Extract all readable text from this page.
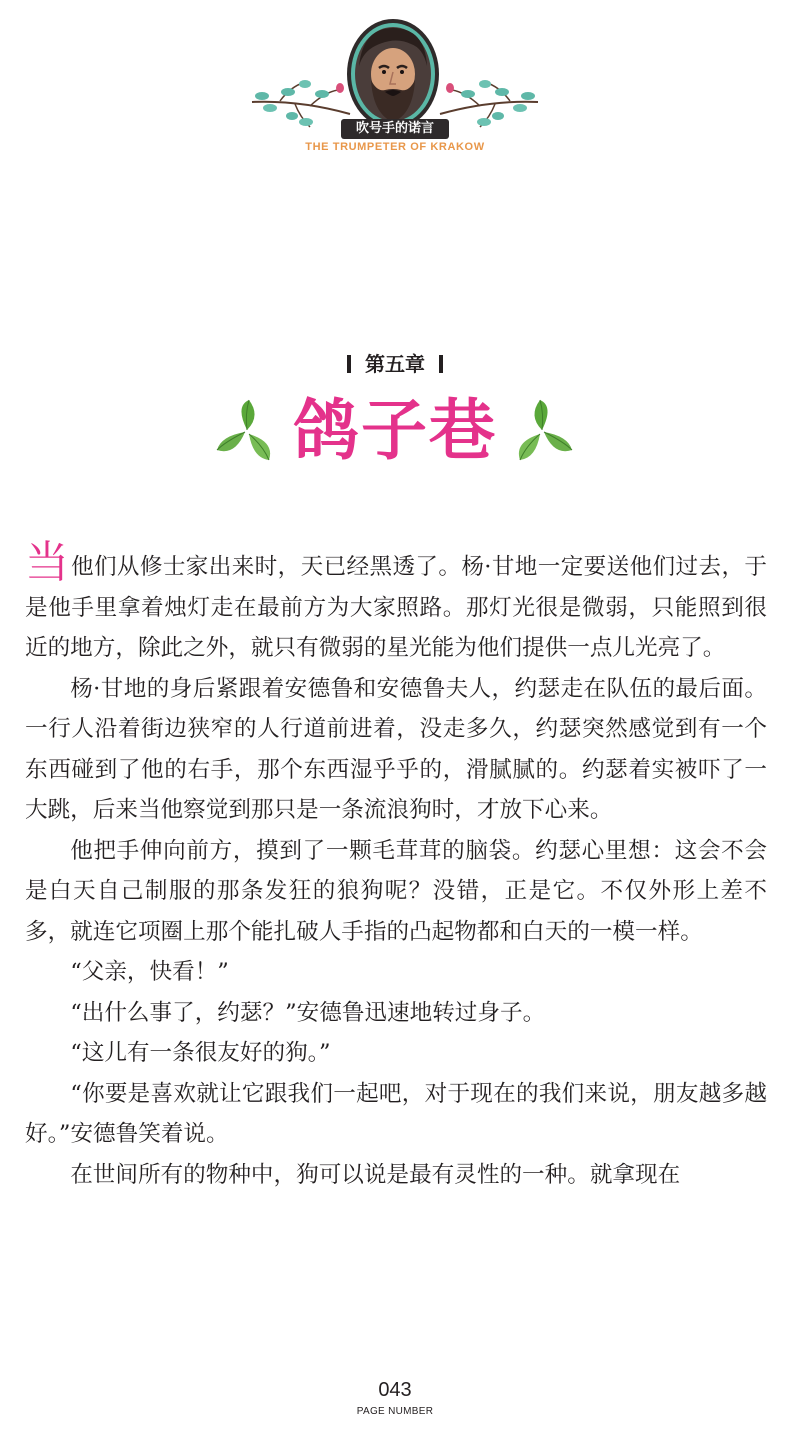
吹号手的诺言
THE TRUMPETER OF KRAKOW
第五章
鸽子巷

当他们从修士家出来时，天已经黑透了。杨·甘地一定要送他们过去，于是他手里拿着烛灯走在最前方为大家照路。那灯光很是微弱，只能照到很近的地方，除此之外，就只有微弱的星光能为他们提供一点儿光亮了。

杨·甘地的身后紧跟着安德鲁和安德鲁夫人，约瑟走在队伍的最后面。一行人沿着街边狭窄的人行道前进着，没走多久，约瑟突然感觉到有一个东西碰到了他的右手，那个东西湿乎乎的，滑腻腻的。约瑟着实被吓了一大跳，后来当他察觉到那只是一条流浪狗时，才放下心来。

他把手伸向前方，摸到了一颗毛茸茸的脑袋。约瑟心里想：这会不会是白天自己制服的那条发狂的狼狗呢？没错，正是它。不仅外形上差不多，就连它项圈上那个能扎破人手指的凸起物都和白天的一模一样。

“父亲，快看！”

“出什么事了，约瑟？”安德鲁迅速地转过身子。

“这儿有一条很友好的狗。”

“你要是喜欢就让它跟我们一起吧，对于现在的我们来说，朋友越多越好。”安德鲁笑着说。

在世间所有的物种中，狗可以说是最有灵性的一种。就拿现在

043
PAGE NUMBER
